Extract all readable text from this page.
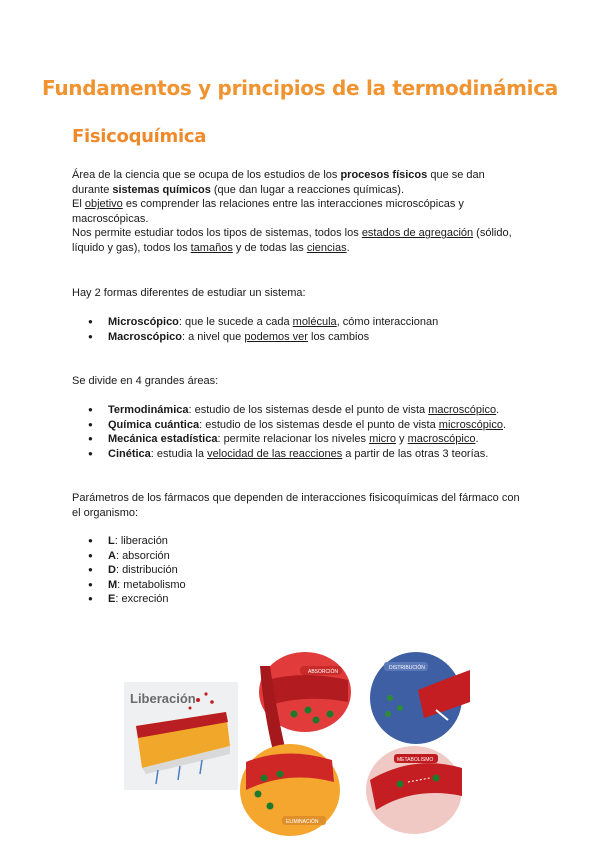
Fundamentos y principios de la termodinámica
Fisicoquímica
Área de la ciencia que se ocupa de los estudios de los procesos físicos que se dan
durante sistemas químicos (que dan lugar a reacciones químicas).
El objetivo es comprender las relaciones entre las interacciones microscópicas y
macroscópicas.
Nos permite estudiar todos los tipos de sistemas, todos los estados de agregación (sólido,
líquido y gas), todos los tamaños y de todas las ciencias.

Hay 2 formas diferentes de estudiar un sistema:

● Microscópico: que le sucede a cada molécula, cómo interaccionan
● Macroscópico: a nivel que podemos ver los cambios

Se divide en 4 grandes áreas:

● Termodinámica: estudio de los sistemas desde el punto de vista macroscópico.
● Química cuántica: estudio de los sistemas desde el punto de vista microscópico.
● Mecánica estadística: permite relacionar los niveles micro y macroscópico.
● Cinética: estudia la velocidad de las reacciones a partir de las otras 3 teorías.
Parámetros de los fármacos que dependen de interacciones fisicoquímicas del fármaco con
el organismo:
● L: liberación
● A: absorción
● D: distribución
● M: metabolismo
● E: excreción
Liberación
ABSORCIÓN
DISTRIBUCIÓN
ELIMINACIÓN
METABOLISMO
